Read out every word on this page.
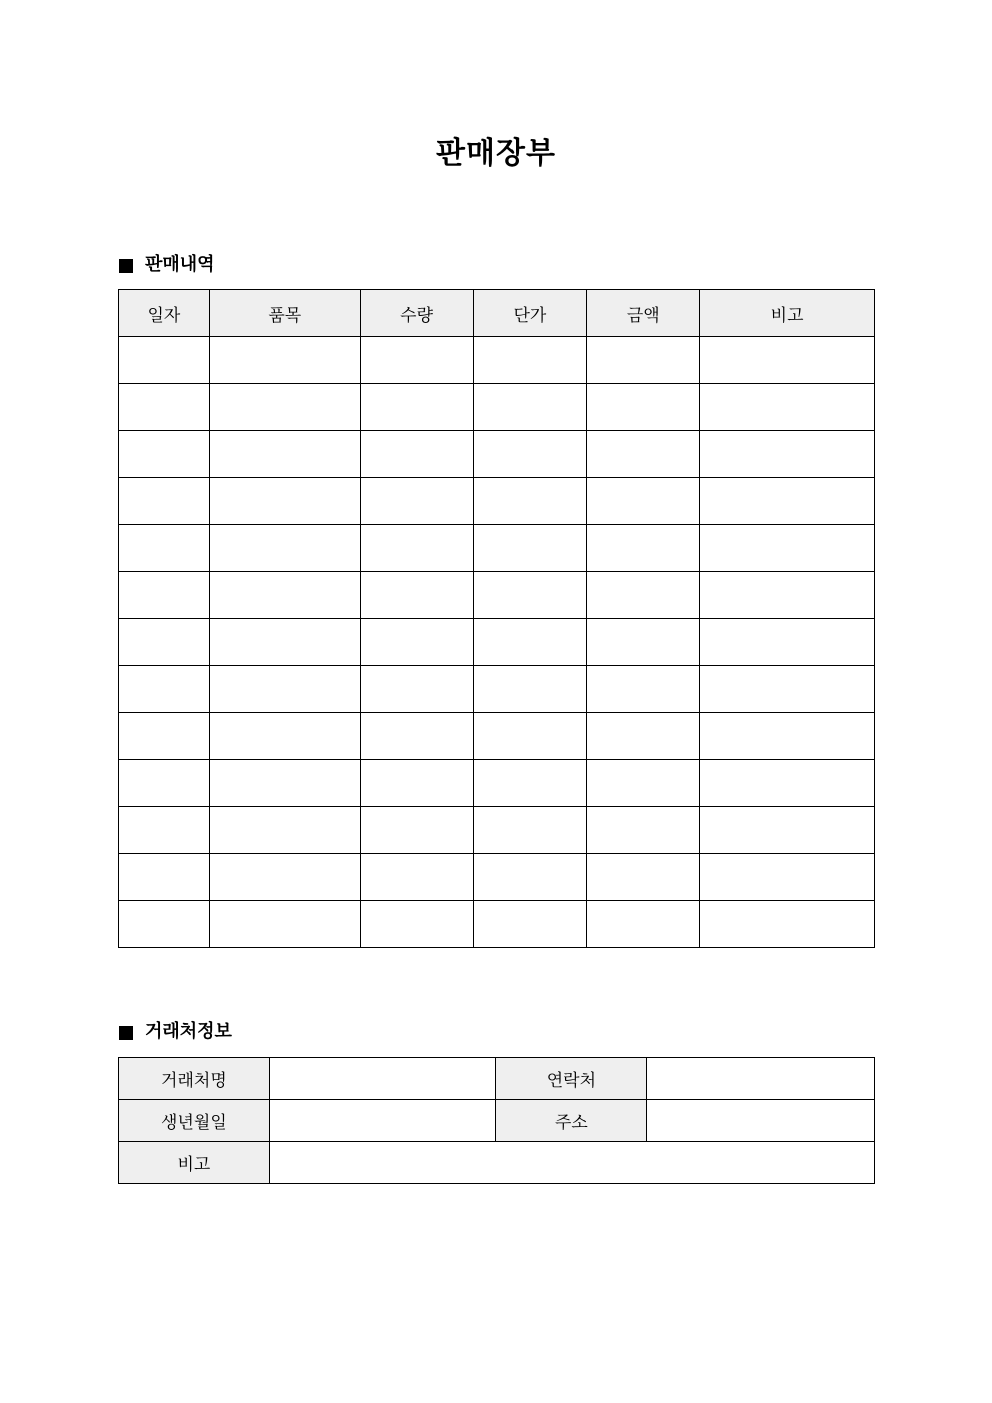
판매장부
판매내역
일자	품목	수량	단가	금액	비고

거래처정보
거래처명		연락처	
생년월일		주소	
비고			
